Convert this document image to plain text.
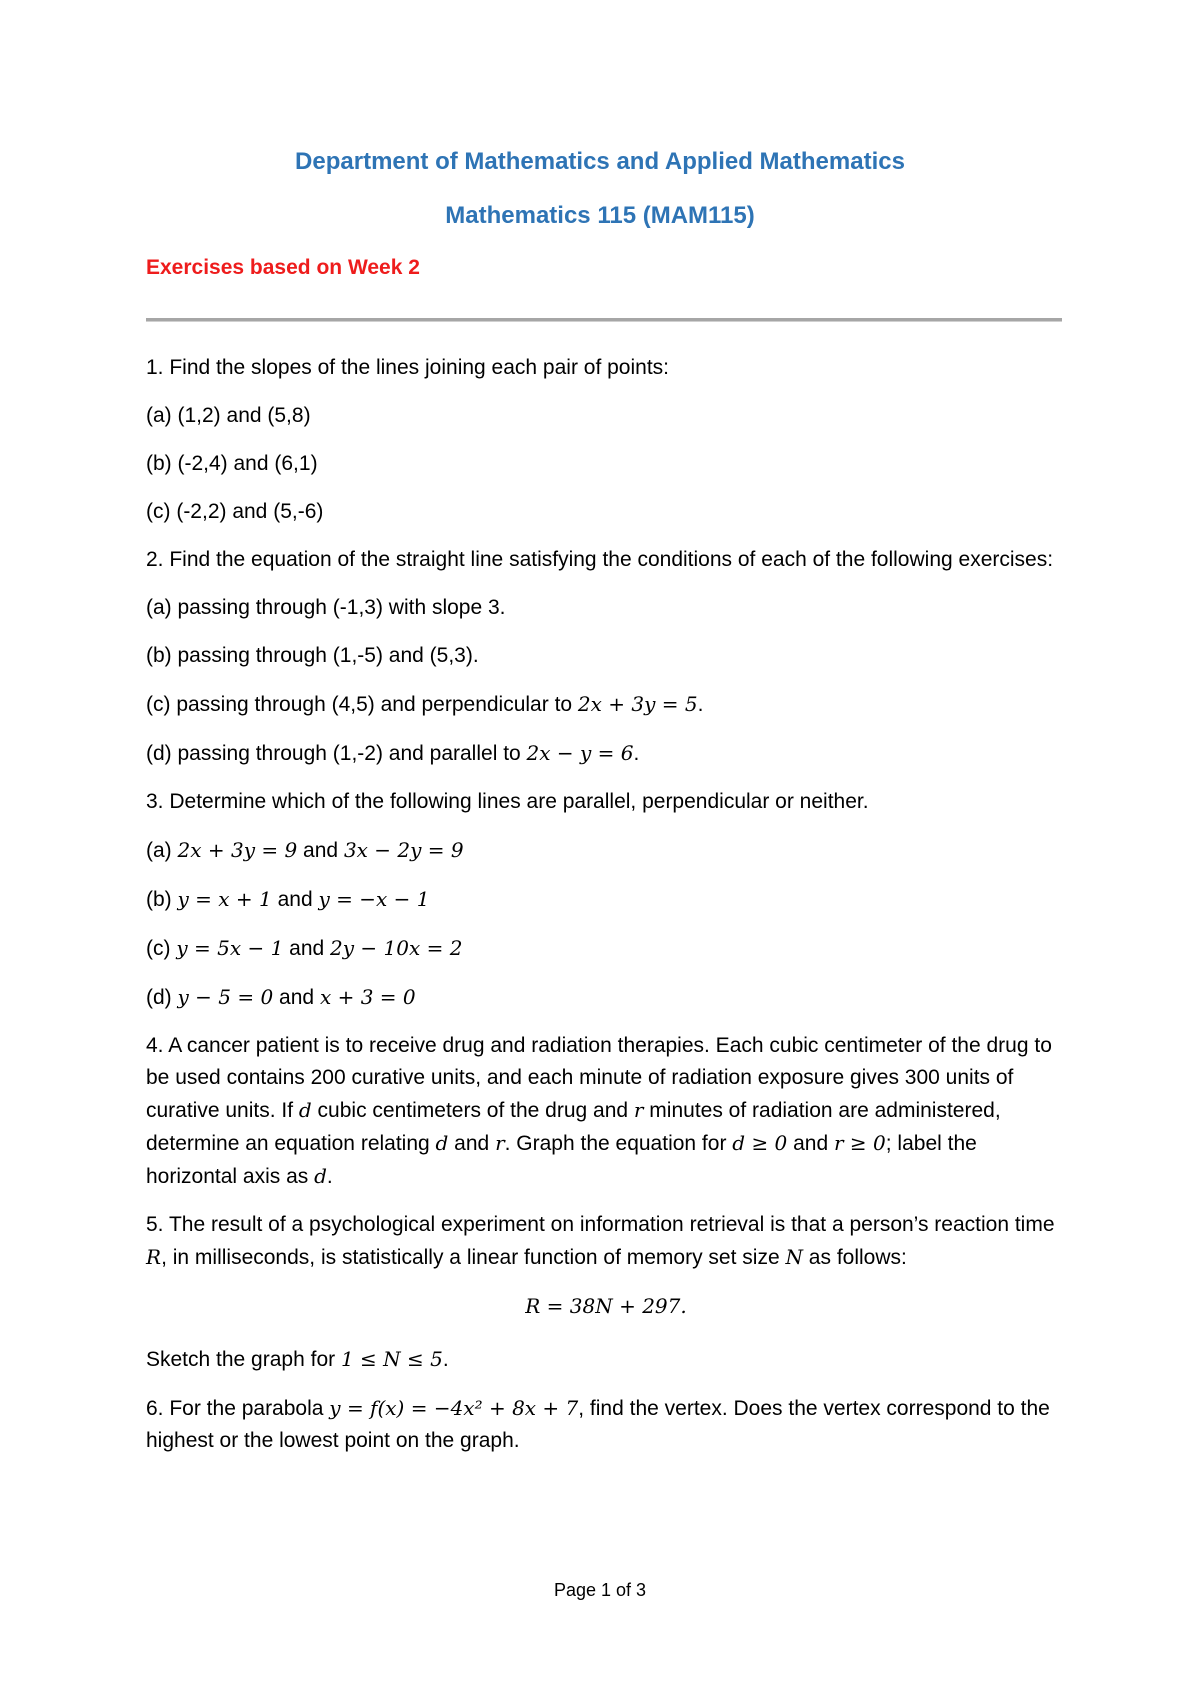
Department of Mathematics and Applied Mathematics
Mathematics 115 (MAM115)
Exercises based on Week 2

1. Find the slopes of the lines joining each pair of points:

(a) (1,2) and (5,8)

(b) (-2,4) and (6,1)

(c) (-2,2) and (5,-6)

2. Find the equation of the straight line satisfying the conditions of each of the following exercises:

(a) passing through (-1,3) with slope 3.

(b) passing through (1,-5) and (5,3).

(c) passing through (4,5) and perpendicular to 2x + 3y = 5.

(d) passing through (1,-2) and parallel to 2x − y = 6.

3. Determine which of the following lines are parallel, perpendicular or neither.

(a) 2x + 3y = 9 and 3x − 2y = 9

(b) y = x + 1 and y = −x − 1

(c) y = 5x − 1 and 2y − 10x = 2

(d) y − 5 = 0 and x + 3 = 0

4. A cancer patient is to receive drug and radiation therapies. Each cubic centimeter of the drug to be used contains 200 curative units, and each minute of radiation exposure gives 300 units of curative units. If d cubic centimeters of the drug and r minutes of radiation are administered, determine an equation relating d and r. Graph the equation for d ≥ 0 and r ≥ 0; label the horizontal axis as d.

5. The result of a psychological experiment on information retrieval is that a person’s reaction time R, in milliseconds, is statistically a linear function of memory set size N as follows:

R = 38N + 297.

Sketch the graph for 1 ≤ N ≤ 5.

6. For the parabola y = f(x) = −4x² + 8x + 7, find the vertex. Does the vertex correspond to the highest or the lowest point on the graph.

Page 1 of 3
